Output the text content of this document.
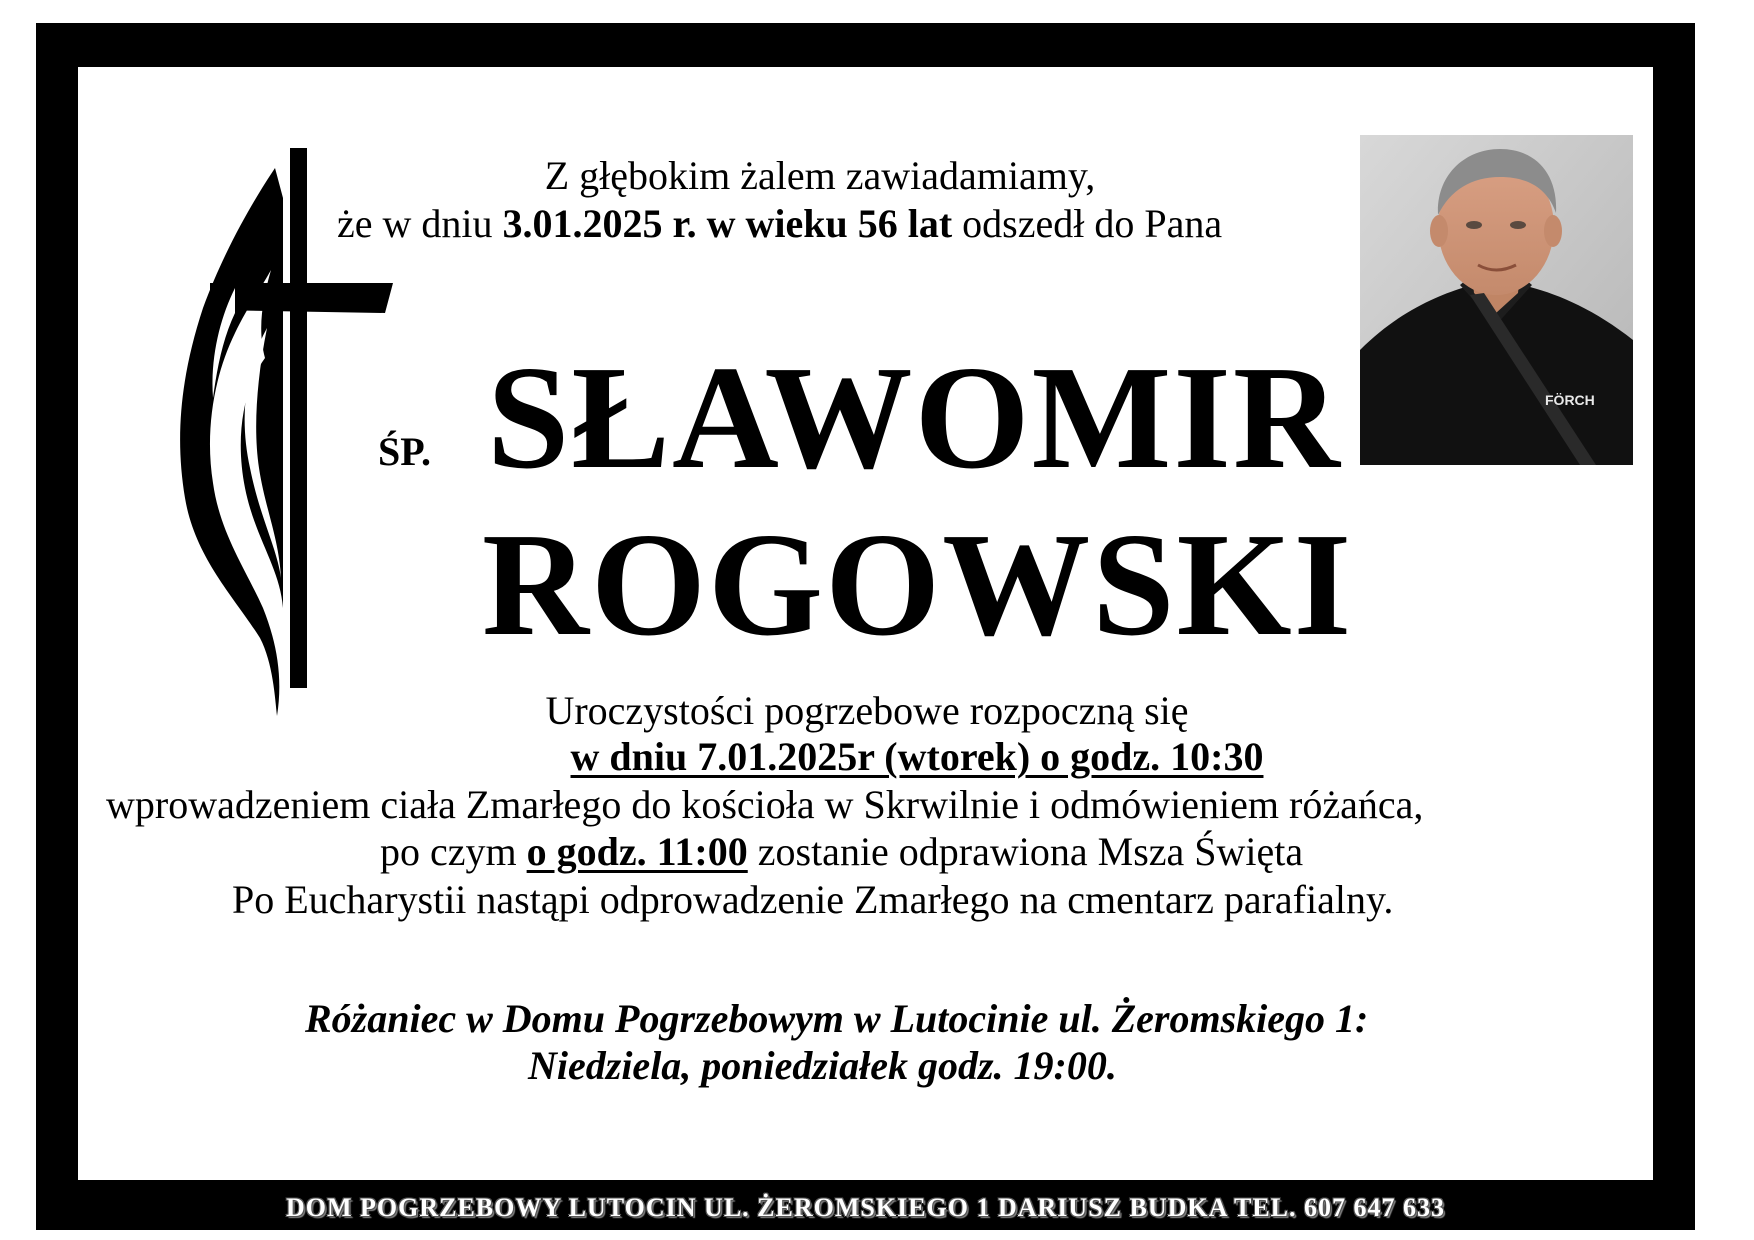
Z głębokim żalem zawiadamiamy,
że w dniu 3.01.2025 r. w wieku 56 lat odszedł do Pana
ŚP. SŁAWOMIR
ROGOWSKI
FÖRCH
Uroczystości pogrzebowe rozpoczną się
w dniu 7.01.2025r (wtorek) o godz. 10:30
wprowadzeniem ciała Zmarłego do kościoła w Skrwilnie i odmówieniem różańca,
po czym o godz. 11:00 zostanie odprawiona Msza Święta
Po Eucharystii nastąpi odprowadzenie Zmarłego na cmentarz parafialny.
Różaniec w Domu Pogrzebowym w Lutocinie ul. Żeromskiego 1:
Niedziela, poniedziałek godz. 19:00.
DOM POGRZEBOWY LUTOCIN UL. ŻEROMSKIEGO 1 DARIUSZ BUDKA TEL. 607 647 633
